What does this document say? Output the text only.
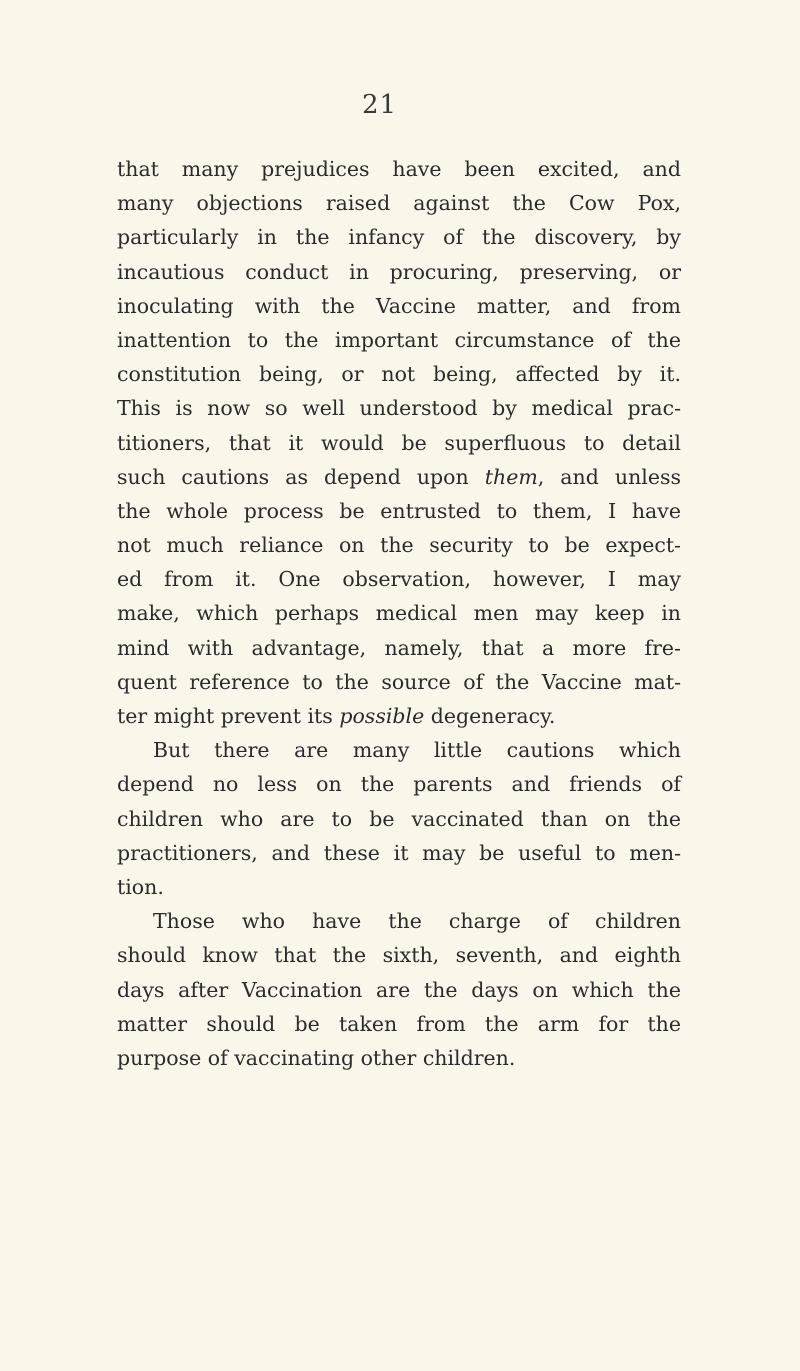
21
that many prejudices have been excited, and
many objections raised against the Cow Pox,
particularly in the infancy of the discovery, by
incautious conduct in procuring, preserving, or
inoculating with the Vaccine matter, and from
inattention to the important circumstance of the
constitution being, or not being, affected by it.
This is now so well understood by medical prac-
titioners, that it would be superfluous to detail
such cautions as depend upon them, and unless
the whole process be entrusted to them, I have
not much reliance on the security to be expect-
ed from it. One observation, however, I may
make, which perhaps medical men may keep in
mind with advantage, namely, that a more fre-
quent reference to the source of the Vaccine mat-
ter might prevent its possible degeneracy.
But there are many little cautions which
depend no less on the parents and friends of
children who are to be vaccinated than on the
practitioners, and these it may be useful to men-
tion.
Those who have the charge of children
should know that the sixth, seventh, and eighth
days after Vaccination are the days on which the
matter should be taken from the arm for the
purpose of vaccinating other children.
